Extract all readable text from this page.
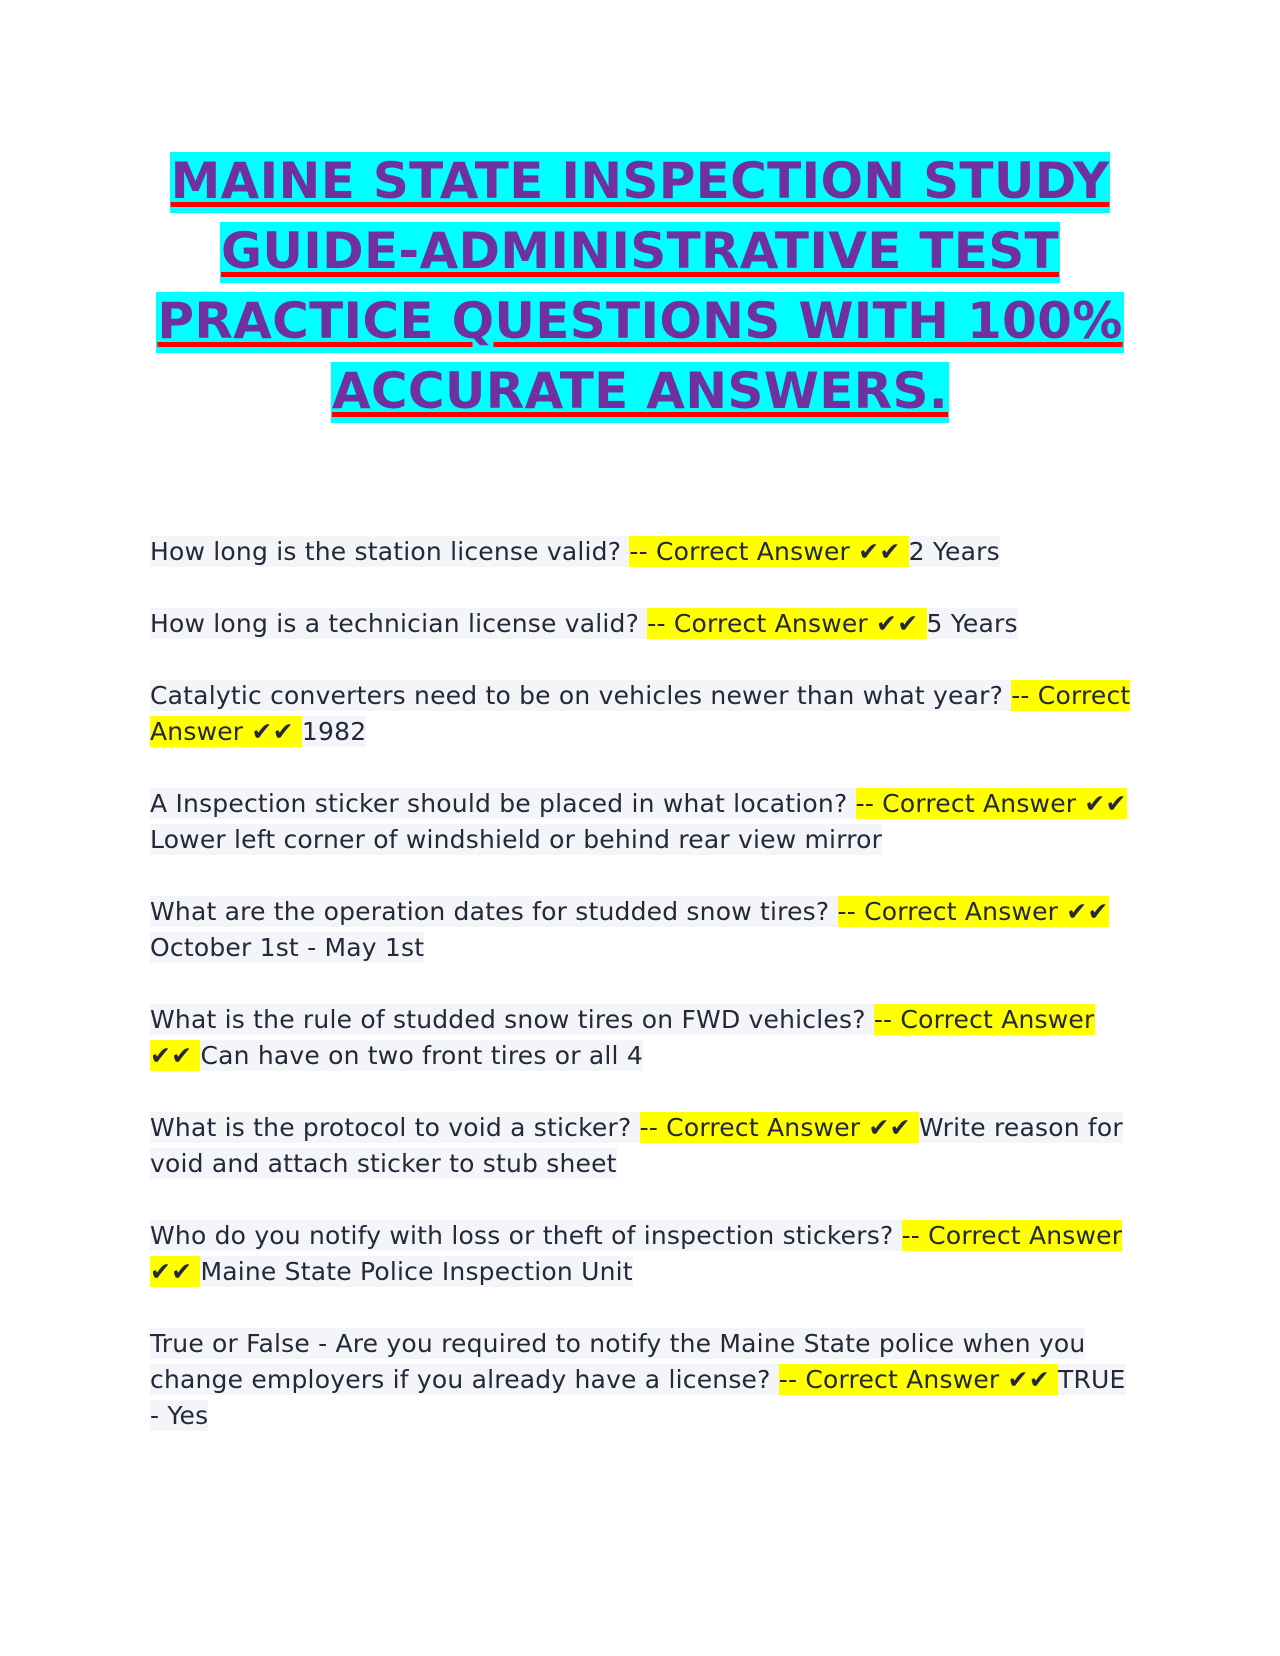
MAINE STATE INSPECTION STUDY
GUIDE-ADMINISTRATIVE TEST
PRACTICE QUESTIONS WITH 100%
ACCURATE ANSWERS.

How long is the station license valid? -- Correct Answer ✔✔ 2 Years

How long is a technician license valid? -- Correct Answer ✔✔ 5 Years

Catalytic converters need to be on vehicles newer than what year? -- Correct Answer ✔✔ 1982

A Inspection sticker should be placed in what location? -- Correct Answer ✔✔ Lower left corner of windshield or behind rear view mirror

What are the operation dates for studded snow tires? -- Correct Answer ✔✔ October 1st - May 1st

What is the rule of studded snow tires on FWD vehicles? -- Correct Answer ✔✔ Can have on two front tires or all 4

What is the protocol to void a sticker? -- Correct Answer ✔✔ Write reason for void and attach sticker to stub sheet

Who do you notify with loss or theft of inspection stickers? -- Correct Answer ✔✔ Maine State Police Inspection Unit

True or False - Are you required to notify the Maine State police when you change employers if you already have a license? -- Correct Answer ✔✔ TRUE - Yes
